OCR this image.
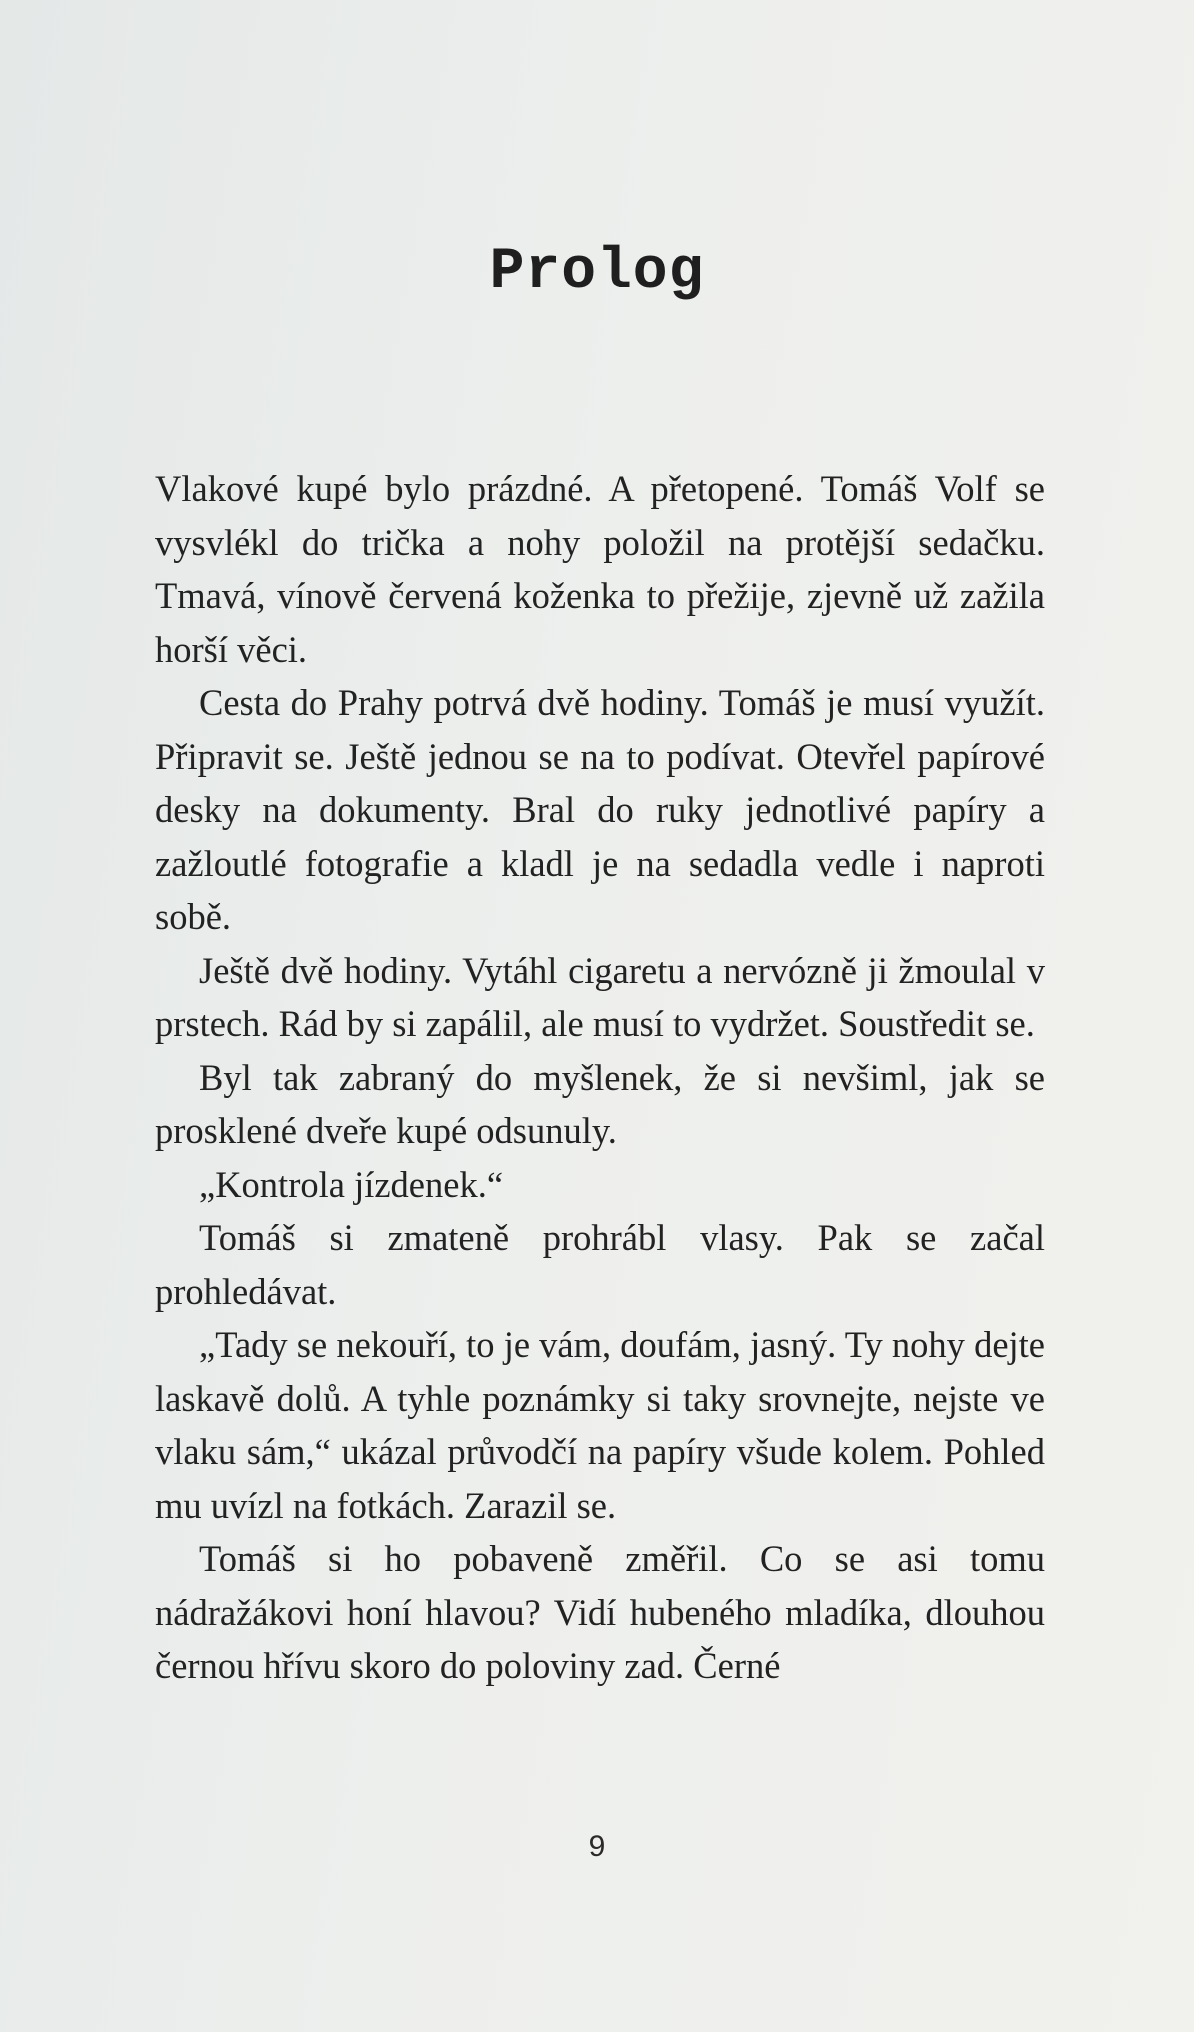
Prolog

Vlakové kupé bylo prázdné. A přetopené. Tomáš Volf se vysvlékl do trička a nohy položil na protější sedačku. Tmavá, vínově červená koženka to přežije, zjevně už zažila horší věci.

Cesta do Prahy potrvá dvě hodiny. Tomáš je musí využít. Připravit se. Ještě jednou se na to podívat. Otevřel papírové desky na dokumenty. Bral do ruky jednotlivé papíry a zažloutlé fotografie a kladl je na sedadla vedle i naproti sobě.

Ještě dvě hodiny. Vytáhl cigaretu a nervózně ji žmoulal v prstech. Rád by si zapálil, ale musí to vydržet. Soustředit se.

Byl tak zabraný do myšlenek, že si nevšiml, jak se prosklené dveře kupé odsunuly.

„Kontrola jízdenek.“

Tomáš si zmateně prohrábl vlasy. Pak se začal prohledávat.

„Tady se nekouří, to je vám, doufám, jasný. Ty nohy dejte laskavě dolů. A tyhle poznámky si taky srovnejte, nejste ve vlaku sám,“ ukázal průvodčí na papíry všude kolem. Pohled mu uvízl na fotkách. Zarazil se.

Tomáš si ho pobaveně změřil. Co se asi tomu nádražákovi honí hlavou? Vidí hubeného mladíka, dlouhou černou hřívu skoro do poloviny zad. Černé

9
